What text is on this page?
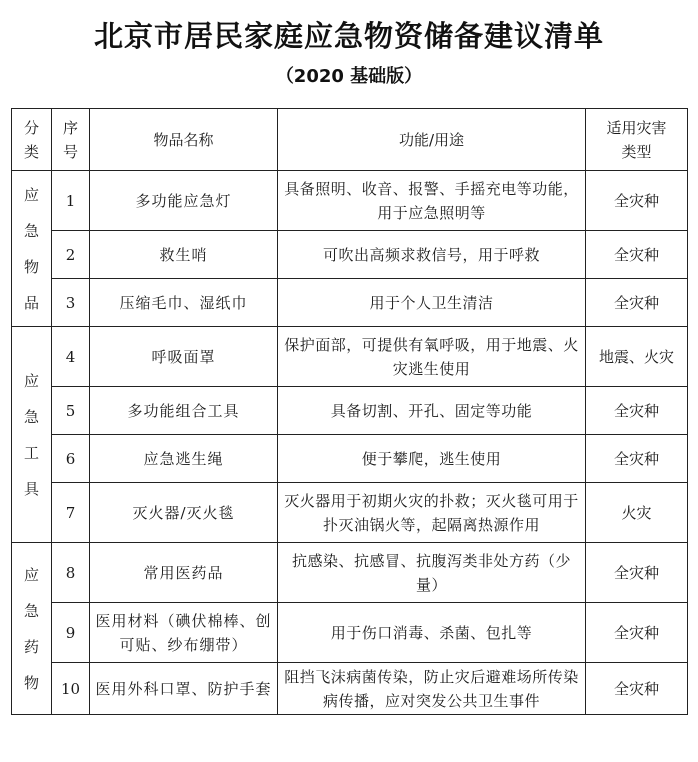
北京市居民家庭应急物资储备建议清单
（2020 基础版）
分类	序号	物品名称	功能/用途	适用灾害类型
应急物品	1	多功能应急灯	具备照明、收音、报警、手摇充电等功能，用于应急照明等	全灾种
	2	救生哨	可吹出高频求救信号，用于呼救	全灾种
	3	压缩毛巾、湿纸巾	用于个人卫生清洁	全灾种
应急工具	4	呼吸面罩	保护面部，可提供有氧呼吸，用于地震、火灾逃生使用	地震、火灾
	5	多功能组合工具	具备切割、开孔、固定等功能	全灾种
	6	应急逃生绳	便于攀爬，逃生使用	全灾种
	7	灭火器/灭火毯	灭火器用于初期火灾的扑救；灭火毯可用于扑灭油锅火等，起隔离热源作用	火灾
应急药物	8	常用医药品	抗感染、抗感冒、抗腹泻类非处方药（少量）	全灾种
	9	医用材料（碘伏棉棒、创可贴、纱布绷带）	用于伤口消毒、杀菌、包扎等	全灾种
	10	医用外科口罩、防护手套	阻挡飞沫病菌传染，防止灾后避难场所传染病传播，应对突发公共卫生事件	全灾种
